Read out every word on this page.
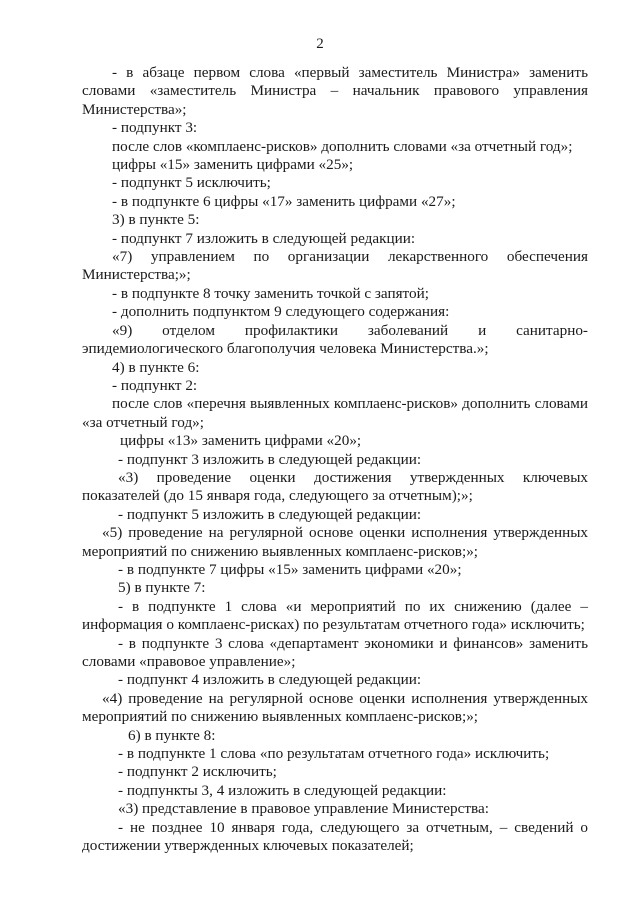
2

- в абзаце первом слова «первый заместитель Министра» заменить

словами «заместитель Министра – начальник правового управления Министерства»;

- подпункт 3:

после слов «комплаенс-рисков» дополнить словами «за отчетный год»;

цифры «15» заменить цифрами «25»;

- подпункт 5 исключить;

- в подпункте 6 цифры «17» заменить цифрами «27»;

3) в пункте 5:

- подпункт 7 изложить в следующей редакции:

«7) управлением по организации лекарственного обеспечения

Министерства;»;

- в подпункте 8 точку заменить точкой с запятой;

- дополнить подпунктом 9 следующего содержания:

«9) отделом профилактики заболеваний и санитарно-

эпидемиологического благополучия человека Министерства.»;

4) в пункте 6:

- подпункт 2:

после слов «перечня выявленных комплаенс-рисков» дополнить словами

«за отчетный год»;

цифры «13» заменить цифрами «20»;

- подпункт 3 изложить в следующей редакции:

«3) проведение оценки достижения утвержденных ключевых

показателей (до 15 января года, следующего за отчетным);»;

- подпункт 5 изложить в следующей редакции:

«5) проведение на регулярной основе оценки исполнения утвержденных

мероприятий по снижению выявленных комплаенс-рисков;»;

- в подпункте 7 цифры «15» заменить цифрами «20»;

5) в пункте 7:

- в подпункте 1 слова «и мероприятий по их снижению (далее –

информация о комплаенс-рисках) по результатам отчетного года» исключить;

- в подпункте 3 слова «департамент экономики и финансов» заменить

словами «правовое управление»;

- подпункт 4 изложить в следующей редакции:

«4) проведение на регулярной основе оценки исполнения утвержденных

мероприятий по снижению выявленных комплаенс-рисков;»;

6) в пункте 8:

- в подпункте 1 слова «по результатам отчетного года» исключить;

- подпункт 2 исключить;

- подпункты 3, 4 изложить в следующей редакции:

«3) представление в правовое управление Министерства:

- не позднее 10 января года, следующего за отчетным, – сведений о

достижении утвержденных ключевых показателей;
